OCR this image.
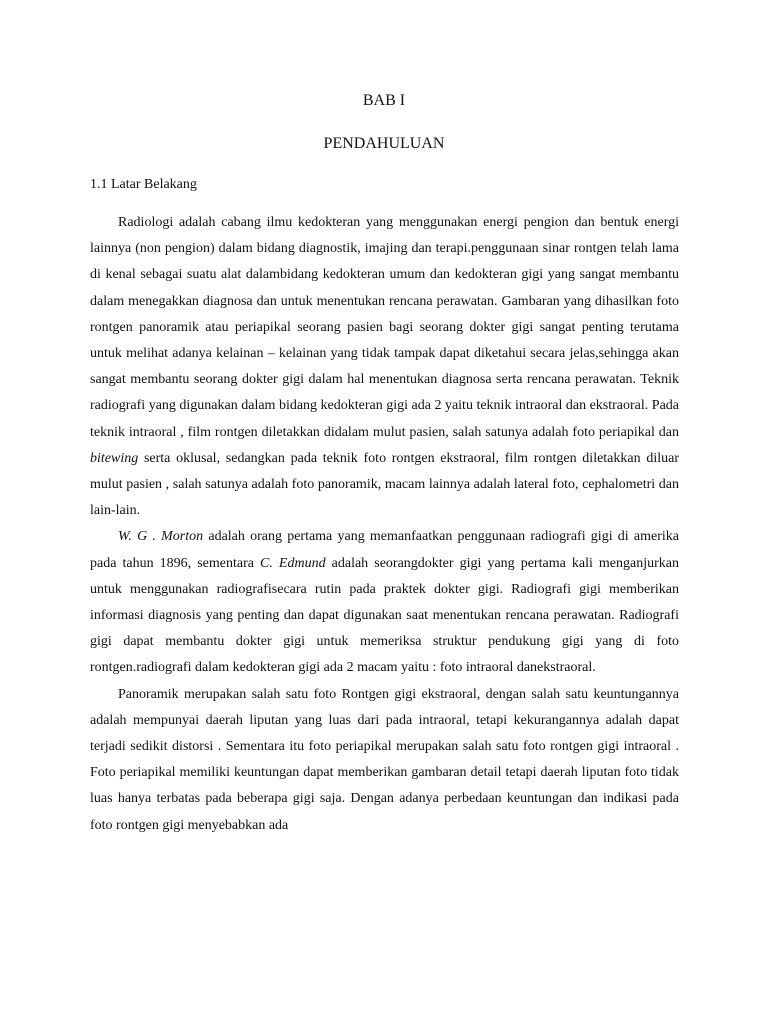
BAB I
PENDAHULUAN
1.1 Latar Belakang

Radiologi adalah cabang ilmu kedokteran yang menggunakan energi pengion dan bentuk energi lainnya (non pengion) dalam bidang diagnostik, imajing dan terapi.penggunaan sinar rontgen telah lama di kenal sebagai suatu alat dalambidang kedokteran umum dan kedokteran gigi yang sangat membantu dalam menegakkan diagnosa dan untuk menentukan rencana perawatan. Gambaran yang dihasilkan foto rontgen panoramik atau periapikal seorang pasien bagi seorang dokter gigi sangat penting terutama untuk melihat adanya kelainan – kelainan yang tidak tampak dapat diketahui secara jelas,sehingga akan sangat membantu seorang dokter gigi dalam hal menentukan diagnosa serta rencana perawatan. Teknik radiografi yang digunakan dalam bidang kedokteran gigi ada 2 yaitu teknik intraoral dan ekstraoral. Pada teknik intraoral , film rontgen diletakkan didalam mulut pasien, salah satunya adalah foto periapikal dan bitewing serta oklusal, sedangkan pada teknik foto rontgen ekstraoral, film rontgen diletakkan diluar mulut pasien , salah satunya adalah foto panoramik, macam lainnya adalah lateral foto, cephalometri dan lain-lain.

W. G . Morton adalah orang pertama yang memanfaatkan penggunaan radiografi gigi di amerika pada tahun 1896, sementara C. Edmund adalah seorangdokter gigi yang pertama kali menganjurkan untuk menggunakan radiografisecara rutin pada praktek dokter gigi. Radiografi gigi memberikan informasi diagnosis yang penting dan dapat digunakan saat menentukan rencana perawatan. Radiografi gigi dapat membantu dokter gigi untuk memeriksa struktur pendukung gigi yang di foto rontgen.radiografi dalam kedokteran gigi ada 2 macam yaitu : foto intraoral danekstraoral.

Panoramik merupakan salah satu foto Rontgen gigi ekstraoral, dengan salah satu keuntungannya adalah mempunyai daerah liputan yang luas dari pada intraoral, tetapi kekurangannya adalah dapat terjadi sedikit distorsi . Sementara itu foto periapikal merupakan salah satu foto rontgen gigi intraoral . Foto periapikal memiliki keuntungan dapat memberikan gambaran detail tetapi daerah liputan foto tidak luas hanya terbatas pada beberapa gigi saja. Dengan adanya perbedaan keuntungan dan indikasi pada foto rontgen gigi menyebabkan ada
